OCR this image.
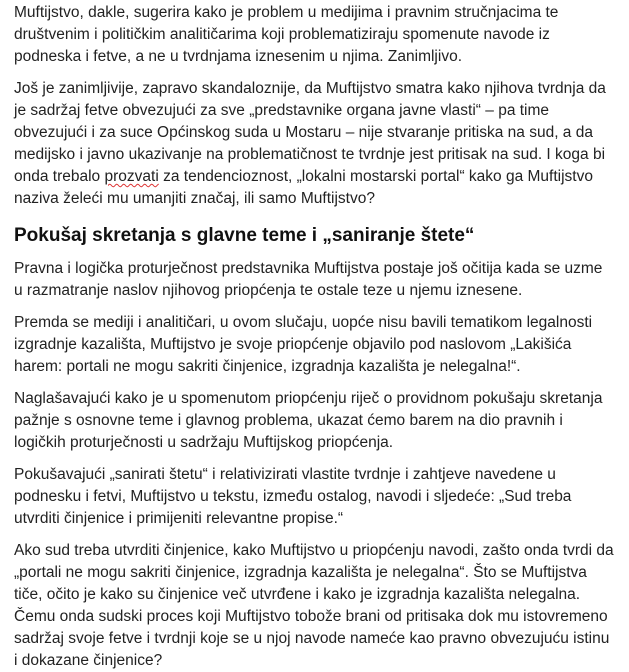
Muftijstvo, dakle, sugerira kako je problem u medijima i pravnim stručnjacima te društvenim i političkim analitičarima koji problematiziraju spomenute navode iz podneska i fetve, a ne u tvrdnjama iznesenim u njima. Zanimljivo.

Još je zanimljivije, zapravo skandaloznije, da Muftijstvo smatra kako njihova tvrdnja da je sadržaj fetve obvezujući za sve „predstavnike organa javne vlasti“ – pa time obvezujući i za suce Općinskog suda u Mostaru – nije stvaranje pritiska na sud, a da medijsko i javno ukazivanje na problematičnost te tvrdnje jest pritisak na sud. I koga bi onda trebalo prozvati za tendencioznost, „lokalni mostarski portal“ kako ga Muftijstvo naziva želeći mu umanjiti značaj, ili samo Muftijstvo?

Pokušaj skretanja s glavne teme i „saniranje štete“

Pravna i logička proturječnost predstavnika Muftijstva postaje još očitija kada se uzme u razmatranje naslov njihovog priopćenja te ostale teze u njemu iznesene.

Premda se mediji i analitičari, u ovom slučaju, uopće nisu bavili tematikom legalnosti izgradnje kazališta, Muftijstvo je svoje priopćenje objavilo pod naslovom „Lakišića harem: portali ne mogu sakriti činjenice, izgradnja kazališta je nelegalna!“.

Naglašavajući kako je u spomenutom priopćenju riječ o providnom pokušaju skretanja pažnje s osnovne teme i glavnog problema, ukazat ćemo barem na dio pravnih i logičkih proturječnosti u sadržaju Muftijskog priopćenja.

Pokušavajući „sanirati štetu“ i relativizirati vlastite tvrdnje i zahtjeve navedene u podnesku i fetvi, Muftijstvo u tekstu, između ostalog, navodi i sljedeće: „Sud treba utvrditi činjenice i primijeniti relevantne propise.“

Ako sud treba utvrditi činjenice, kako Muftijstvo u priopćenju navodi, zašto onda tvrdi da „portali ne mogu sakriti činjenice, izgradnja kazališta je nelegalna“. Što se Muftijstva tiče, očito je kako su činjenice več utvrđene i kako je izgradnja kazališta nelegalna. Čemu onda sudski proces koji Muftijstvo tobože brani od pritisaka dok mu istovremeno sadržaj svoje fetve i tvrdnji koje se u njoj navode nameće kao pravno obvezujuću istinu i dokazane činjenice?
